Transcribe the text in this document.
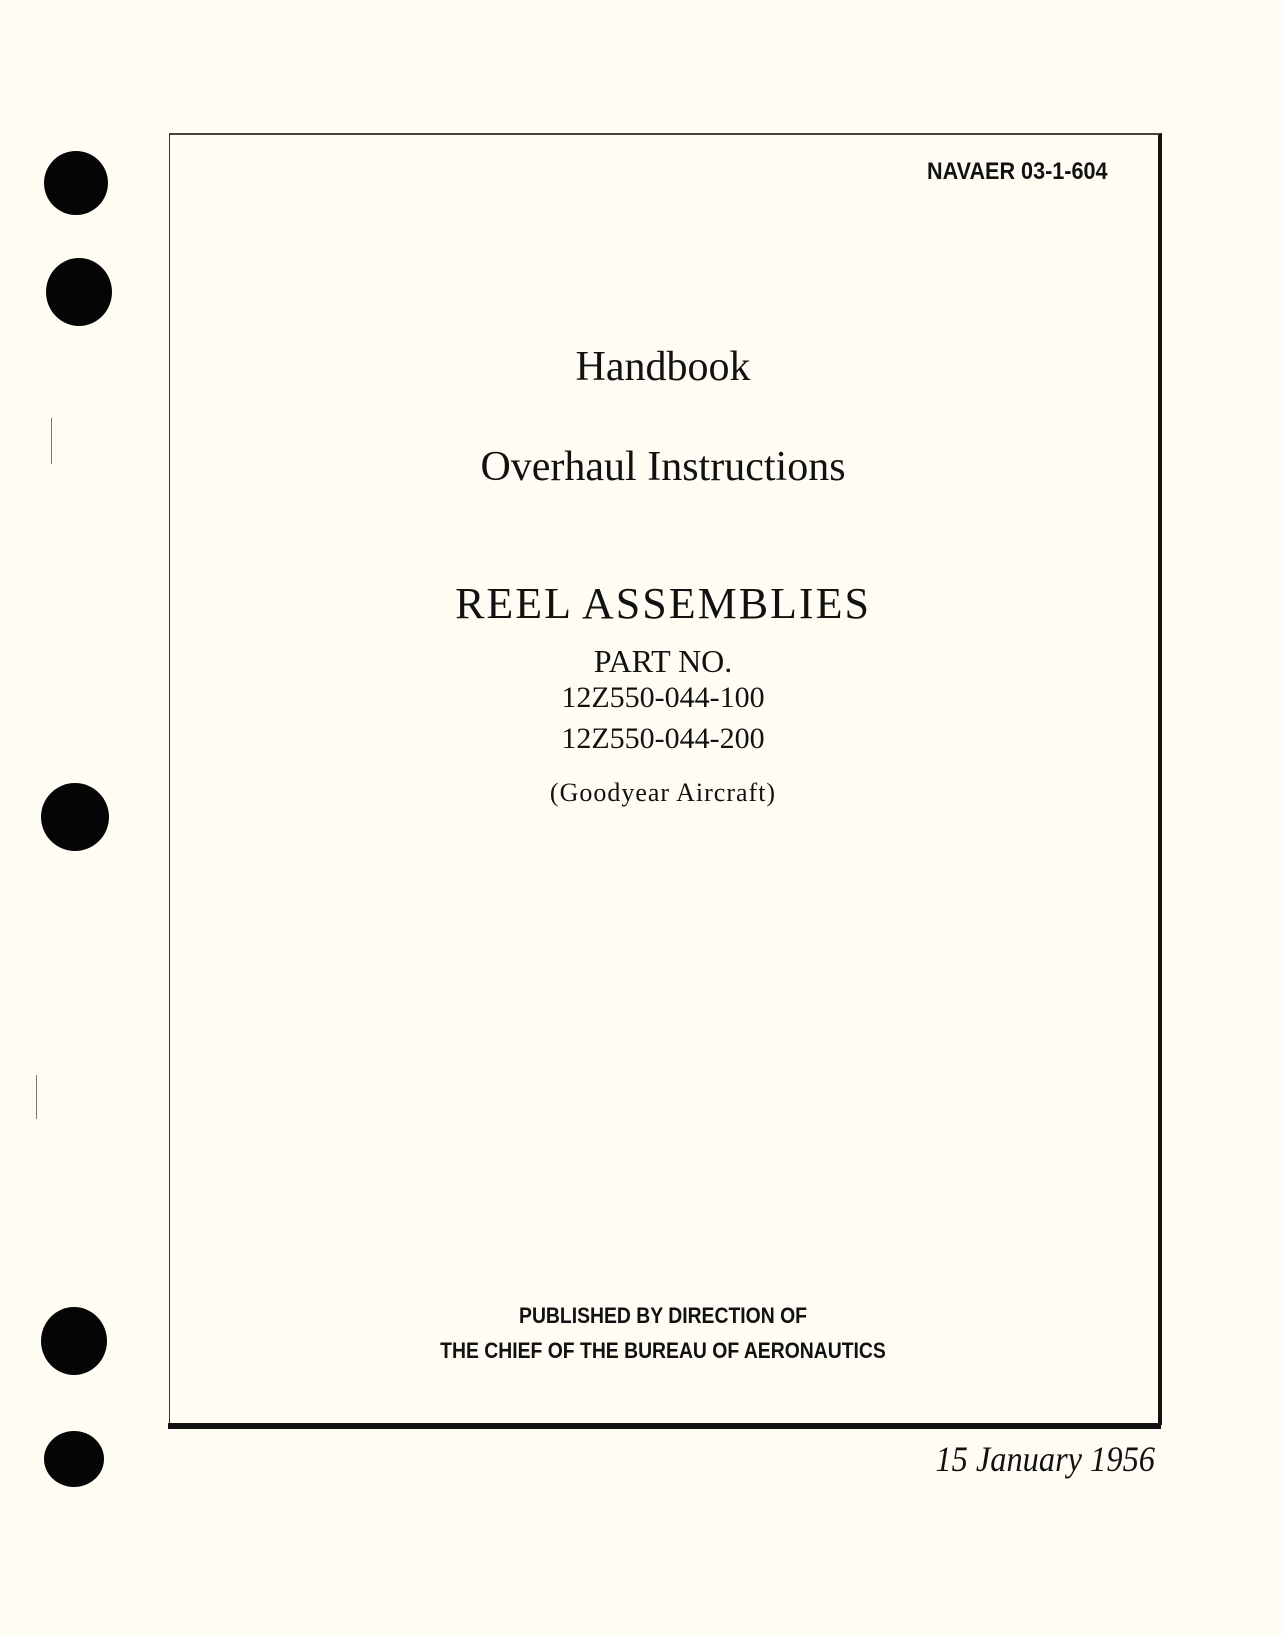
NAVAER 03-1-604
Handbook
Overhaul Instructions
REEL ASSEMBLIES
PART NO.
12Z550-044-100
12Z550-044-200
(Goodyear Aircraft)
PUBLISHED BY DIRECTION OF
THE CHIEF OF THE BUREAU OF AERONAUTICS
15 January 1956
